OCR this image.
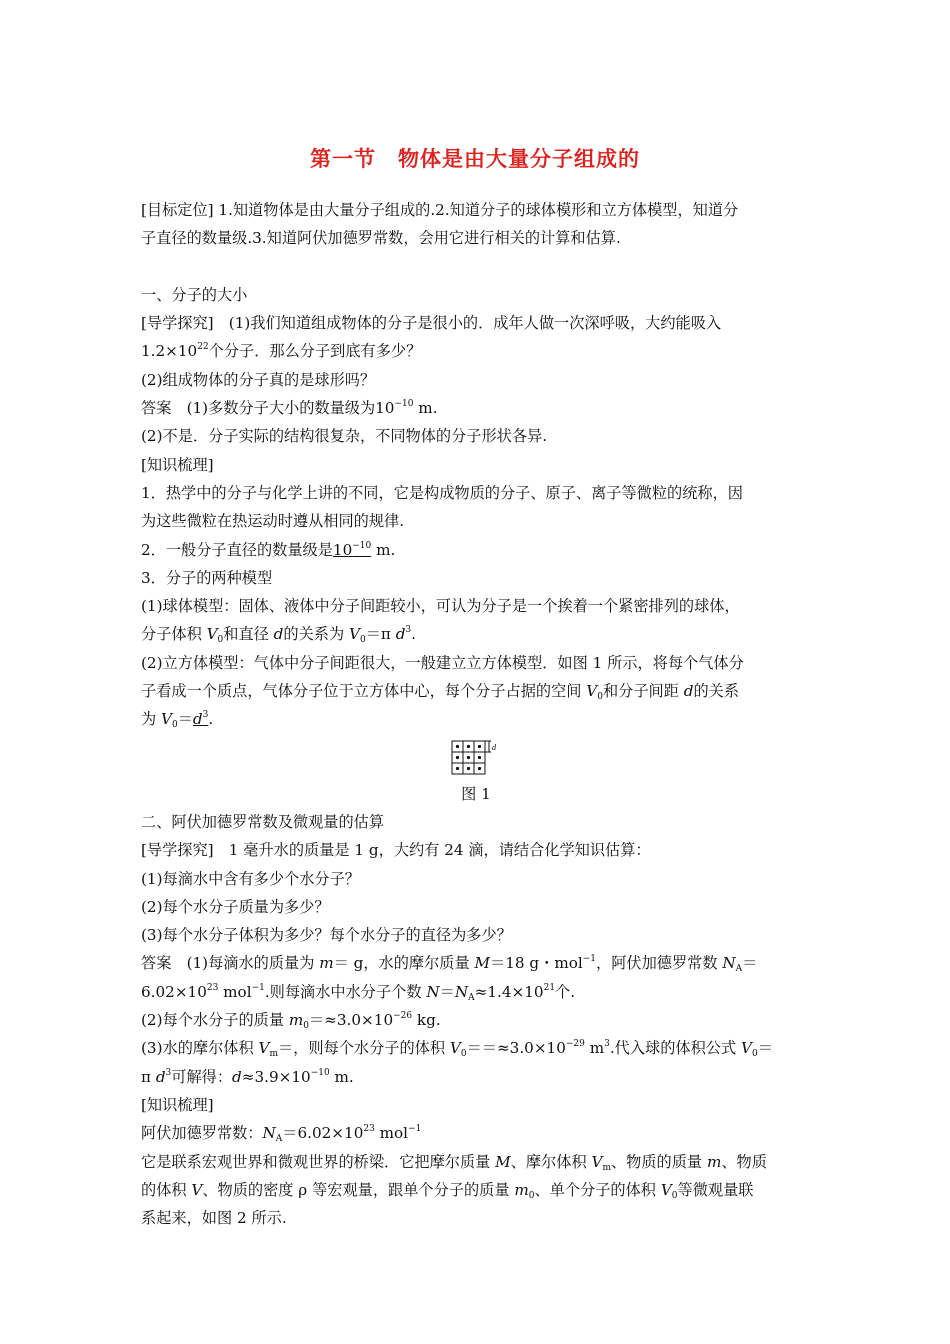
第一节 物体是由大量分子组成的
[目标定位] 1.知道物体是由大量分子组成的.2.知道分子的球体模形和立方体模型，知道分
子直径的数量级.3.知道阿伏加德罗常数，会用它进行相关的计算和估算.
一、分子的大小
[导学探究]　(1)我们知道组成物体的分子是很小的．成年人做一次深呼吸，大约能吸入
$1.2\times 10^{22}$个分子．那么分子到底有多少？
(2)组成物体的分子真的是球形吗？
答案　(1)多数分子大小的数量级为$10^{-10}$ m.
(2)不是．分子实际的结构很复杂，不同物体的分子形状各异.
[知识梳理]
1．热学中的分子与化学上讲的不同，它是构成物质的分子、原子、离子等微粒的统称，因
为这些微粒在热运动时遵从相同的规律.
2．一般分子直径的数量级是$10^{-10}$ m.
3．分子的两种模型
(1)球体模型：固体、液体中分子间距较小，可认为分子是一个挨着一个紧密排列的球体，
分子体积 $V_0$和直径 d的关系为 $V_0=\pi$ $d^3$.
(2)立方体模型：气体中分子间距很大，一般建立立方体模型．如图 1 所示，将每个气体分
子看成一个质点，气体分子位于立方体中心，每个分子占据的空间 $V_0$和分子间距 d的关系
为 $V_0=d^3$.
d
图 1
二、阿伏加德罗常数及微观量的估算
[导学探究]　1 毫升水的质量是 1 g，大约有 24 滴，请结合化学知识估算：
(1)每滴水中含有多少个水分子？
(2)每个水分子质量为多少？
(3)每个水分子体积为多少？每个水分子的直径为多少？
答案　(1)每滴水的质量为 m＝ g，水的摩尔质量 M＝18 g・mol$^{-1}$，阿伏加德罗常数 $N_A=$
$6.02\times 10^{23}$ mol$^{-1}$.则每滴水中水分子个数 $N=N_A\approx 1.4\times 10^{21}$个.
(2)每个水分子的质量 $m_0=\approx 3.0\times 10^{-26}$ kg.
(3)水的摩尔体积 $V_m=$，则每个水分子的体积 $V_0==\approx 3.0\times 10^{-29}$ $m^3$.代入球的体积公式 $V_0=$
π $d^3$可解得：$d\approx 3.9\times 10^{-10}$ m.
[知识梳理]
阿伏加德罗常数：$N_A=6.02\times 10^{23}$ mol$^{-1}$
它是联系宏观世界和微观世界的桥梁．它把摩尔质量 M、摩尔体积 $V_m$、物质的质量 m、物质
的体积 V、物质的密度 ρ 等宏观量，跟单个分子的质量 $m_0$、单个分子的体积 $V_0$等微观量联
系起来，如图 2 所示.
